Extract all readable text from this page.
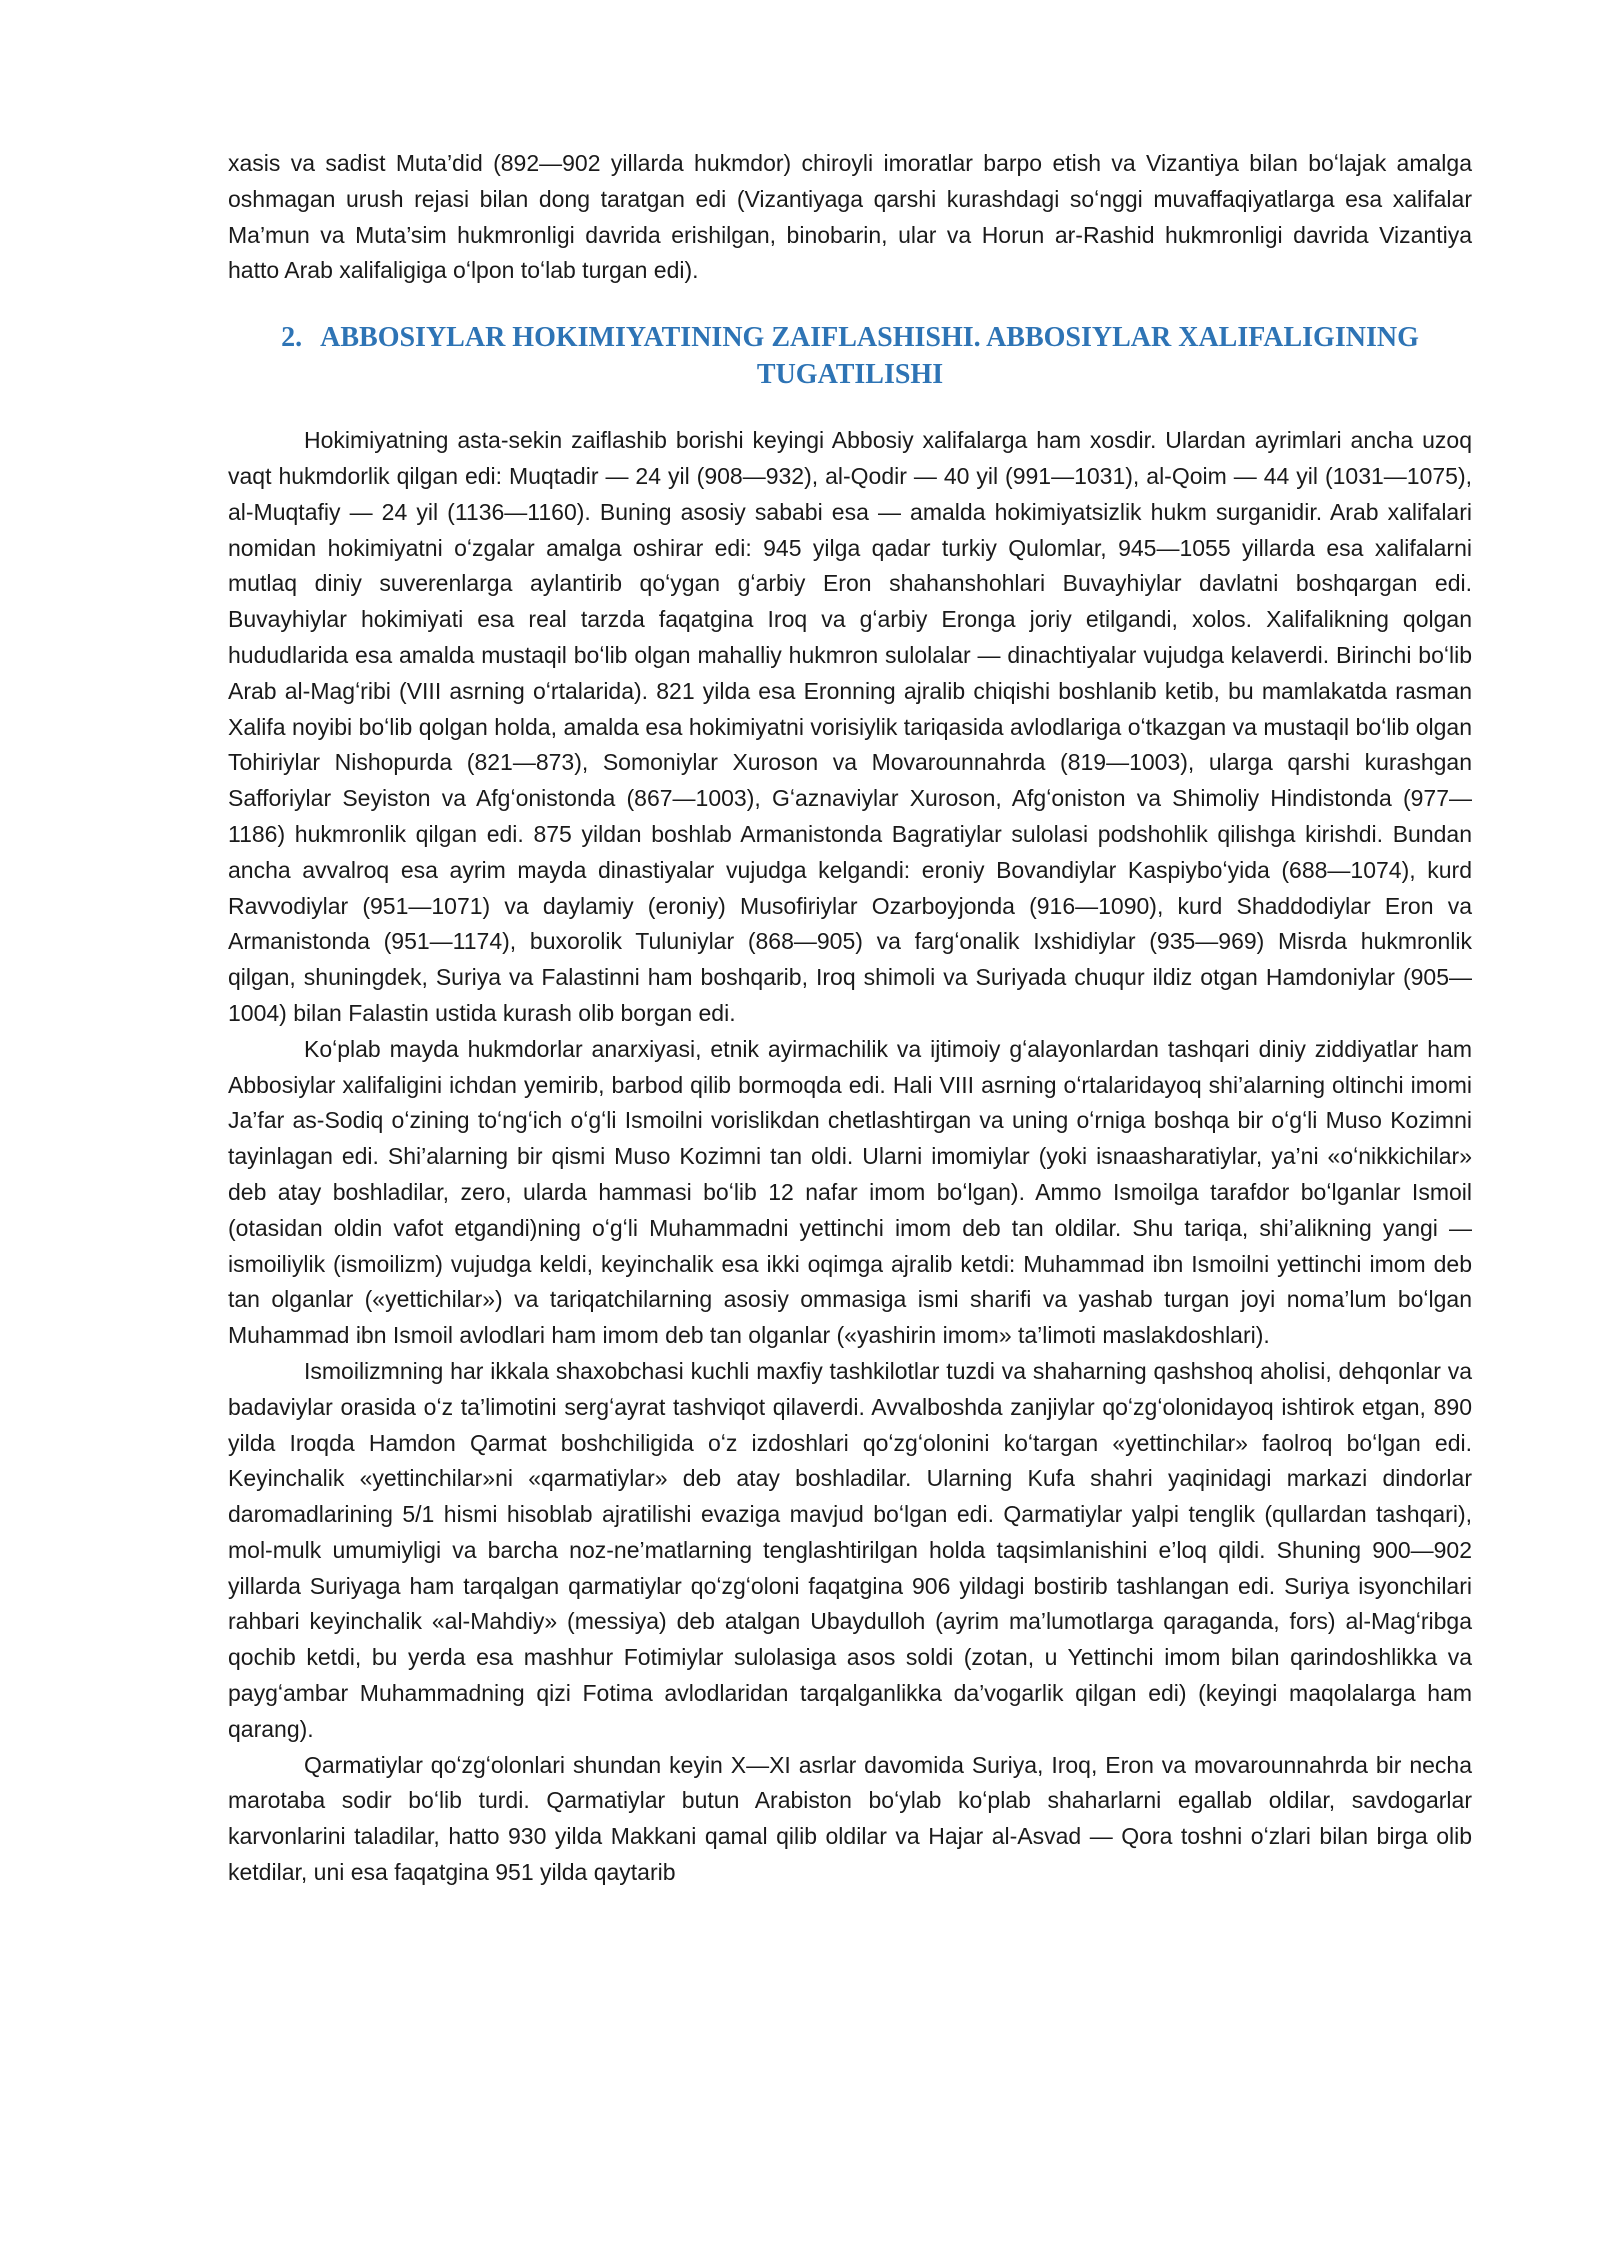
xasis va sadist Muta’did (892—902 yillarda hukmdor) chiroyli imoratlar barpo etish va Vizantiya bilan boʻlajak amalga oshmagan urush rejasi bilan dong taratgan edi (Vizantiyaga qarshi kurashdagi soʻnggi muvaffaqiyatlarga esa xalifalar Ma’mun va Muta’sim hukmronligi davrida erishilgan, binobarin, ular va Horun ar-Rashid hukmronligi davrida Vizantiya hatto Arab xalifaligiga oʻlpon toʻlab turgan edi).

2. ABBOSIYLAR HOKIMIYATINING ZAIFLASHISHI. ABBOSIYLAR XALIFALIGINING TUGATILISHI

Hokimiyatning asta-sekin zaiflashib borishi keyingi Abbosiy xalifalarga ham xosdir. Ulardan ayrimlari ancha uzoq vaqt hukmdorlik qilgan edi: Muqtadir — 24 yil (908—932), al-Qodir — 40 yil (991—1031), al-Qoim — 44 yil (1031—1075), al-Muqtafiy — 24 yil (1136—1160). Buning asosiy sababi esa — amalda hokimiyatsizlik hukm surganidir. Arab xalifalari nomidan hokimiyatni oʻzgalar amalga oshirar edi: 945 yilga qadar turkiy Qulomlar, 945—1055 yillarda esa xalifalarni mutlaq diniy suverenlarga aylantirib qoʻygan gʻarbiy Eron shahanshohlari Buvayhiylar davlatni boshqargan edi. Buvayhiylar hokimiyati esa real tarzda faqatgina Iroq va gʻarbiy Eronga joriy etilgandi, xolos. Xalifalikning qolgan hududlarida esa amalda mustaqil boʻlib olgan mahalliy hukmron sulolalar — dinachtiyalar vujudga kelaverdi. Birinchi boʻlib Arab al-Magʻribi (VIII asrning oʻrtalarida). 821 yilda esa Eronning ajralib chiqishi boshlanib ketib, bu mamlakatda rasman Xalifa noyibi boʻlib qolgan holda, amalda esa hokimiyatni vorisiylik tariqasida avlodlariga oʻtkazgan va mustaqil boʻlib olgan Tohiriylar Nishopurda (821—873), Somoniylar Xuroson va Movarounnahrda (819—1003), ularga qarshi kurashgan Safforiylar Seyiston va Afgʻonistonda (867—1003), Gʻaznaviylar Xuroson, Afgʻoniston va Shimoliy Hindistonda (977—1186) hukmronlik qilgan edi. 875 yildan boshlab Armanistonda Bagratiylar sulolasi podshohlik qilishga kirishdi. Bundan ancha avvalroq esa ayrim mayda dinastiyalar vujudga kelgandi: eroniy Bovandiylar Kaspiyboʻyida (688—1074), kurd Ravvodiylar (951—1071) va daylamiy (eroniy) Musofiriylar Ozarboyjonda (916—1090), kurd Shaddodiylar Eron va Armanistonda (951—1174), buxorolik Tuluniylar (868—905) va fargʻonalik Ixshidiylar (935—969) Misrda hukmronlik qilgan, shuningdek, Suriya va Falastinni ham boshqarib, Iroq shimoli va Suriyada chuqur ildiz otgan Hamdoniylar (905—1004) bilan Falastin ustida kurash olib borgan edi.

Koʻplab mayda hukmdorlar anarxiyasi, etnik ayirmachilik va ijtimoiy gʻalayonlardan tashqari diniy ziddiyatlar ham Abbosiylar xalifaligini ichdan yemirib, barbod qilib bormoqda edi. Hali VIII asrning oʻrtalaridayoq shi’alarning oltinchi imomi Ja’far as-Sodiq oʻzining toʻngʻich oʻgʻli Ismoilni vorislikdan chetlashtirgan va uning oʻrniga boshqa bir oʻgʻli Muso Kozimni tayinlagan edi. Shi’alarning bir qismi Muso Kozimni tan oldi. Ularni imomiylar (yoki isnaasharatiylar, ya’ni «oʻnikkichilar» deb atay boshladilar, zero, ularda hammasi boʻlib 12 nafar imom boʻlgan). Ammo Ismoilga tarafdor boʻlganlar Ismoil (otasidan oldin vafot etgandi)ning oʻgʻli Muhammadni yettinchi imom deb tan oldilar. Shu tariqa, shi’alikning yangi — ismoiliylik (ismoilizm) vujudga keldi, keyinchalik esa ikki oqimga ajralib ketdi: Muhammad ibn Ismoilni yettinchi imom deb tan olganlar («yettichilar») va tariqatchilarning asosiy ommasiga ismi sharifi va yashab turgan joyi noma’lum boʻlgan Muhammad ibn Ismoil avlodlari ham imom deb tan olganlar («yashirin imom» ta’limoti maslakdoshlari).

Ismoilizmning har ikkala shaxobchasi kuchli maxfiy tashkilotlar tuzdi va shaharning qashshoq aholisi, dehqonlar va badaviylar orasida oʻz ta’limotini sergʻayrat tashviqot qilaverdi. Avvalboshda zanjiylar qoʻzgʻolonidayoq ishtirok etgan, 890 yilda Iroqda Hamdon Qarmat boshchiligida oʻz izdoshlari qoʻzgʻolonini koʻtargan «yettinchilar» faolroq boʻlgan edi. Keyinchalik «yettinchilar»ni «qarmatiylar» deb atay boshladilar. Ularning Kufa shahri yaqinidagi markazi dindorlar daromadlarining 5/1 hismi hisoblab ajratilishi evaziga mavjud boʻlgan edi. Qarmatiylar yalpi tenglik (qullardan tashqari), mol-mulk umumiyligi va barcha noz-ne’matlarning tenglashtirilgan holda taqsimlanishini e’loq qildi. Shuning 900—902 yillarda Suriyaga ham tarqalgan qarmatiylar qoʻzgʻoloni faqatgina 906 yildagi bostirib tashlangan edi. Suriya isyonchilari rahbari keyinchalik «al-Mahdiy» (messiya) deb atalgan Ubaydulloh (ayrim ma’lumotlarga qaraganda, fors) al-Magʻribga qochib ketdi, bu yerda esa mashhur Fotimiylar sulolasiga asos soldi (zotan, u Yettinchi imom bilan qarindoshlikka va paygʻambar Muhammadning qizi Fotima avlodlaridan tarqalganlikka da’vogarlik qilgan edi) (keyingi maqolalarga ham qarang).

Qarmatiylar qoʻzgʻolonlari shundan keyin X—XI asrlar davomida Suriya, Iroq, Eron va movarounnahrda bir necha marotaba sodir boʻlib turdi. Qarmatiylar butun Arabiston boʻylab koʻplab shaharlarni egallab oldilar, savdogarlar karvonlarini taladilar, hatto 930 yilda Makkani qamal qilib oldilar va Hajar al-Asvad — Qora toshni oʻzlari bilan birga olib ketdilar, uni esa faqatgina 951 yilda qaytarib
